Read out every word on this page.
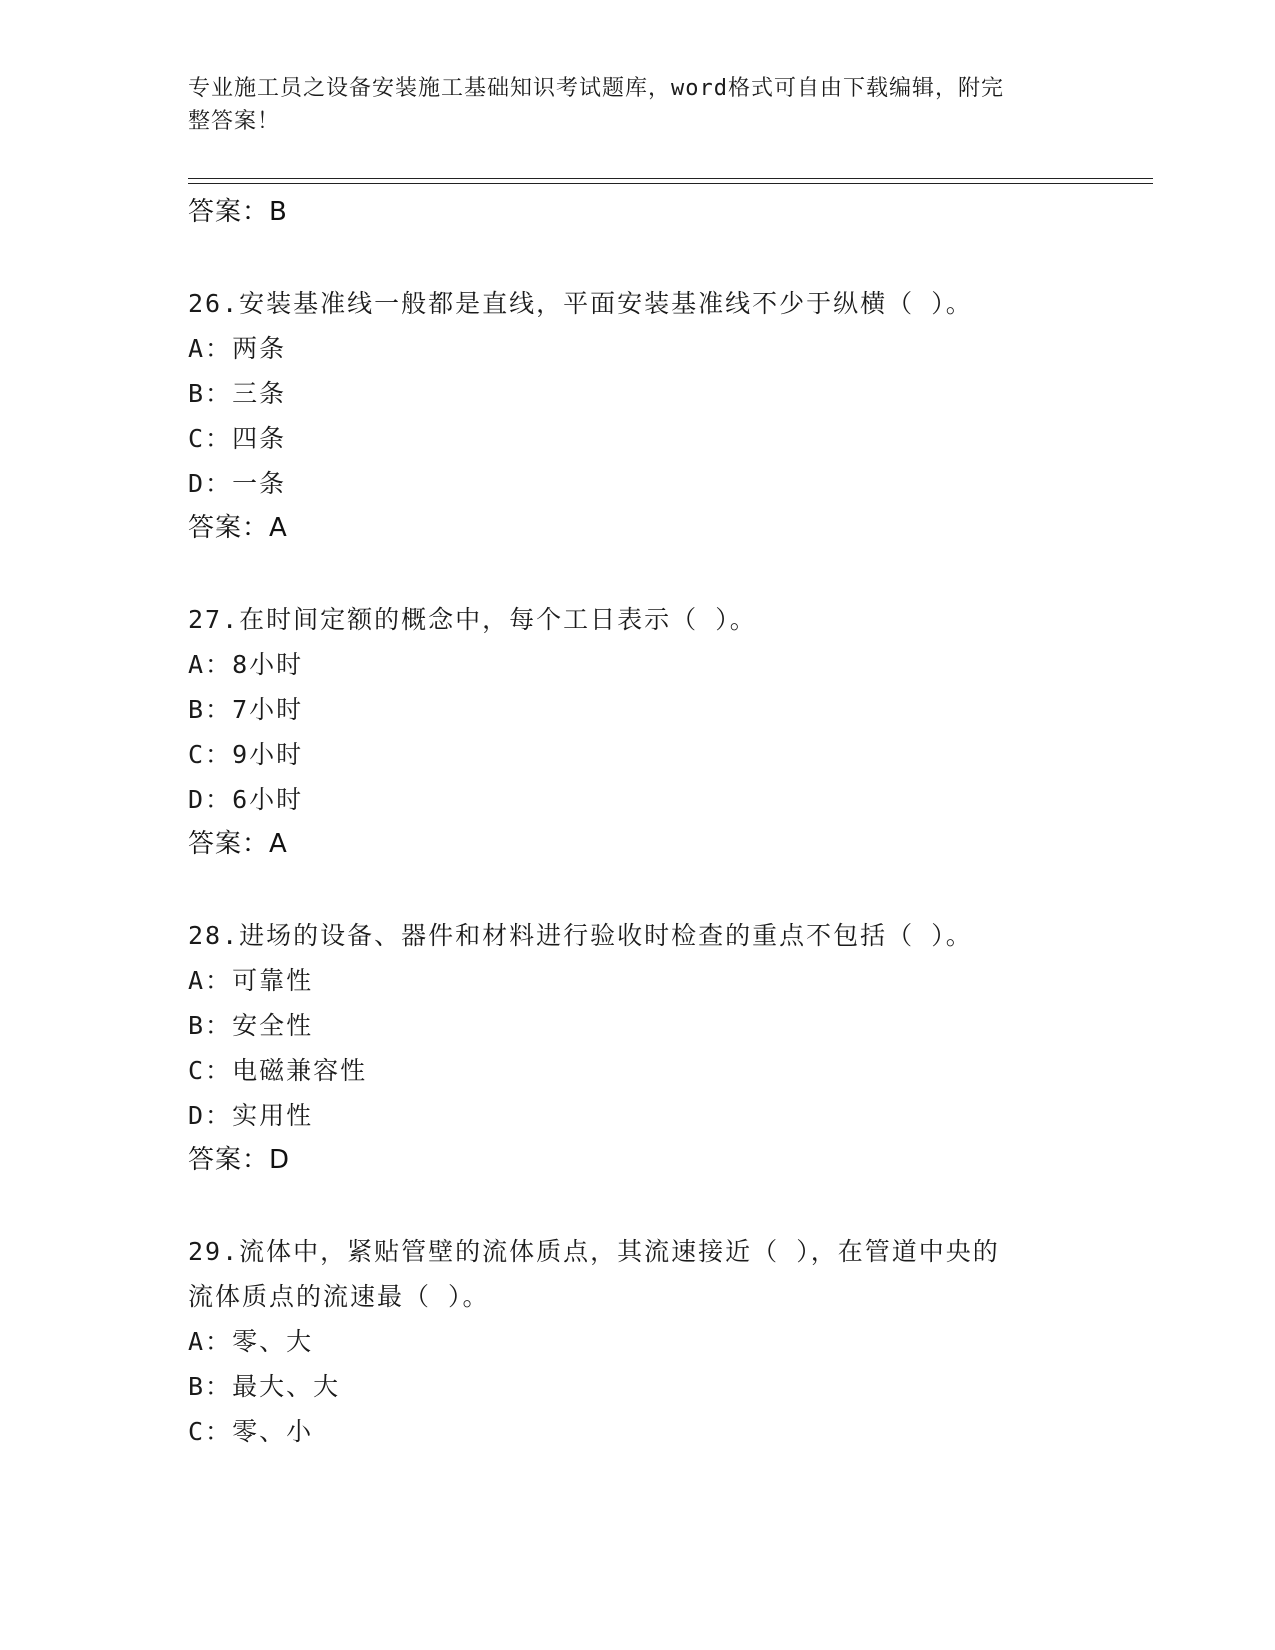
专业施工员之设备安装施工基础知识考试题库，word格式可自由下载编辑，附完
整答案！
答案：B
26.安装基准线一般都是直线，平面安装基准线不少于纵横（ ）。
A：两条
B：三条
C：四条
D：一条
答案：A
27.在时间定额的概念中，每个工日表示（ ）。
A：8小时
B：7小时
C：9小时
D：6小时
答案：A
28.进场的设备、器件和材料进行验收时检查的重点不包括（ ）。
A：可靠性
B：安全性
C：电磁兼容性
D：实用性
答案：D
29.流体中，紧贴管壁的流体质点，其流速接近（ ），在管道中央的
流体质点的流速最（ ）。
A：零、大
B：最大、大
C：零、小
